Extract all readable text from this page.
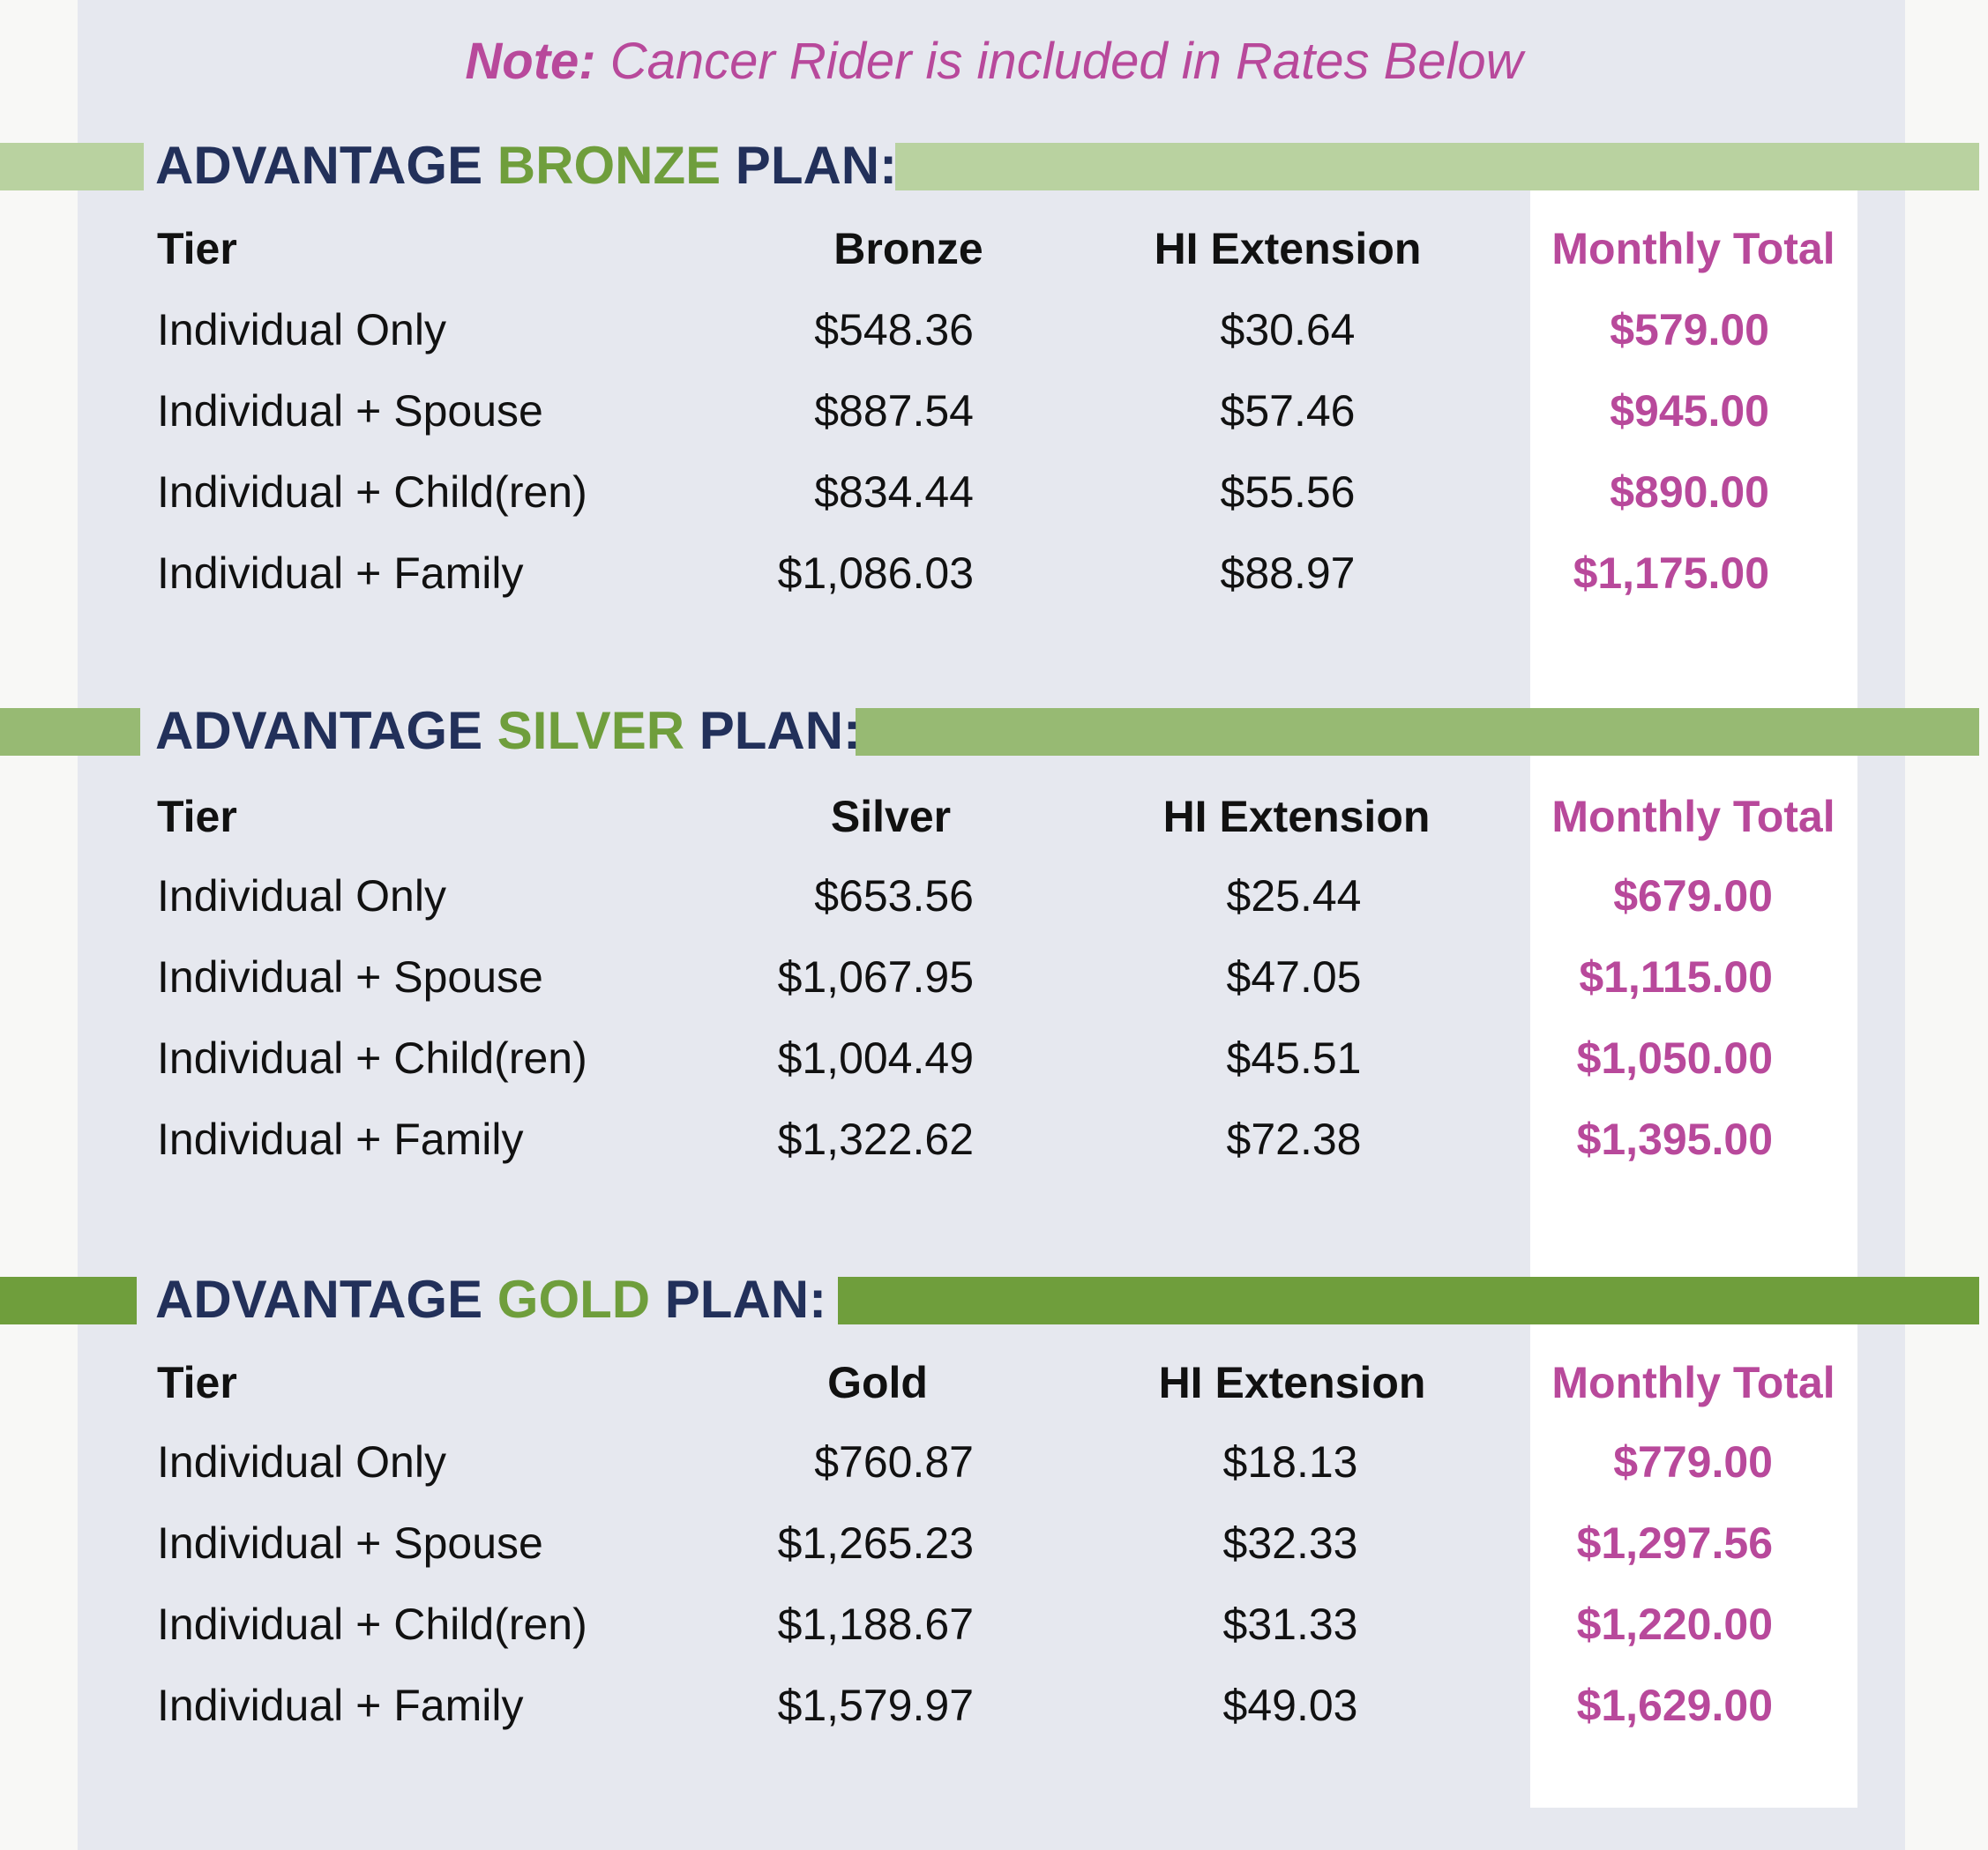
Note: Cancer Rider is included in Rates Below
ADVANTAGE BRONZE PLAN:
Tier	Bronze	HI Extension	Monthly Total
Individual Only	$548.36	$30.64	$579.00
Individual + Spouse	$887.54	$57.46	$945.00
Individual + Child(ren)	$834.44	$55.56	$890.00
Individual + Family	$1,086.03	$88.97	$1,175.00
ADVANTAGE SILVER PLAN:
Tier	Silver	HI Extension	Monthly Total
Individual Only	$653.56	$25.44	$679.00
Individual + Spouse	$1,067.95	$47.05	$1,115.00
Individual + Child(ren)	$1,004.49	$45.51	$1,050.00
Individual + Family	$1,322.62	$72.38	$1,395.00
ADVANTAGE GOLD PLAN:
Tier	Gold	HI Extension	Monthly Total
Individual Only	$760.87	$18.13	$779.00
Individual + Spouse	$1,265.23	$32.33	$1,297.56
Individual + Child(ren)	$1,188.67	$31.33	$1,220.00
Individual + Family	$1,579.97	$49.03	$1,629.00
